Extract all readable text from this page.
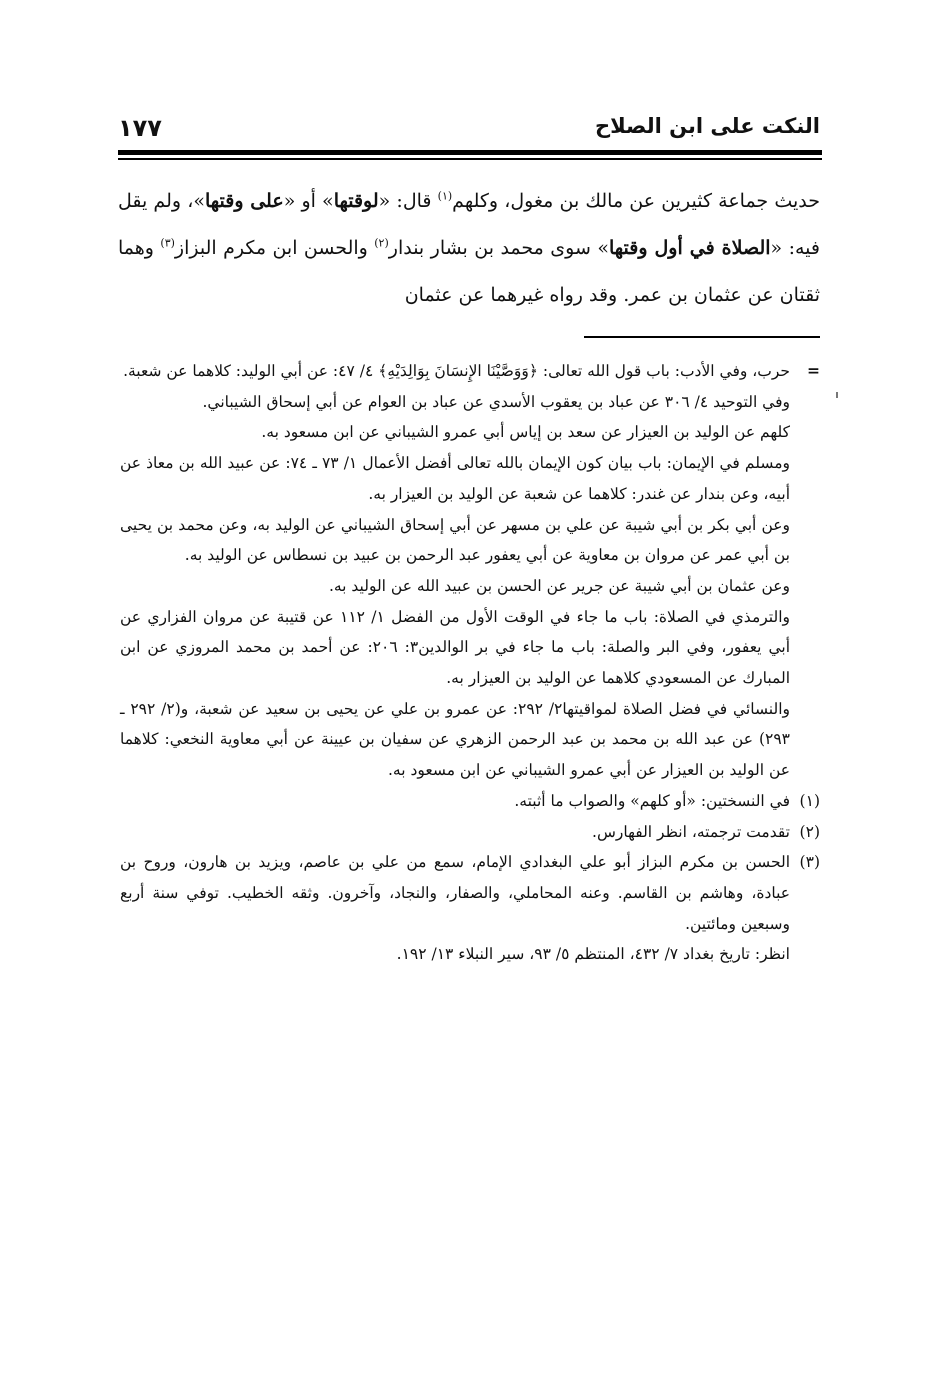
النكت على ابن الصلاح
١٧٧
حديث جماعة كثيرين عن مالك بن مغول، وكلهم$^{(١)}$ قال: «لوقتها» أو «على وقتها»، ولم يقل فيه: «الصلاة في أول وقتها» سوى محمد بن بشار بندار$^{(٢)}$ والحسن ابن مكرم البزاز$^{(٣)}$ وهما ثقتان عن عثمان بن عمر. وقد رواه غيرهما عن عثمان
=

حرب، وفي الأدب: باب قول الله تعالى: ﴿وَوَصَّيْنَا الإِنسَانَ بِوَالِدَيْهِ﴾ ٤/ ٤٧: عن أبي الوليد: كلاهما عن شعبة.

وفي التوحيد ٤/ ٣٠٦ عن عباد بن يعقوب الأسدي عن عباد بن العوام عن أبي إسحاق الشيباني.

كلهم عن الوليد بن العيزار عن سعد بن إياس أبي عمرو الشيباني عن ابن مسعود به.

ومسلم في الإيمان: باب بيان كون الإيمان بالله تعالى أفضل الأعمال ١/ ٧٣ ـ ٧٤: عن عبيد الله بن معاذ عن أبيه، وعن بندار عن غندر: كلاهما عن شعبة عن الوليد بن العيزار به.

وعن أبي بكر بن أبي شيبة عن علي بن مسهر عن أبي إسحاق الشيباني عن الوليد به، وعن محمد بن يحيى بن أبي عمر عن مروان بن معاوية عن أبي يعفور عبد الرحمن بن عبيد بن نسطاس عن الوليد به.

وعن عثمان بن أبي شيبة عن جرير عن الحسن بن عبيد الله عن الوليد به.

والترمذي في الصلاة: باب ما جاء في الوقت الأول من الفضل ١/ ١١٢ عن قتيبة عن مروان الفزاري عن أبي يعفور، وفي البر والصلة: باب ما جاء في بر الوالدين٣: ٢٠٦: عن أحمد بن محمد المروزي عن ابن المبارك عن المسعودي كلاهما عن الوليد بن العيزار به.

والنسائي في فضل الصلاة لمواقيتها٢/ ٢٩٢: عن عمرو بن علي عن يحيى بن سعيد عن شعبة، و(٢/ ٢٩٢ ـ ٢٩٣) عن عبد الله بن محمد بن عبد الرحمن الزهري عن سفيان بن عيينة عن أبي معاوية النخعي: كلاهما عن الوليد بن العيزار عن أبي عمرو الشيباني عن ابن مسعود به.

(١)
في النسختين: «أو كلهم» والصواب ما أثبته.
(٢)
تقدمت ترجمته، انظر الفهارس.
(٣)
الحسن بن مكرم البزاز أبو علي البغدادي الإمام، سمع من علي بن عاصم، ويزيد بن هارون، وروح بن عبادة، وهاشم بن القاسم. وعنه المحاملي، والصفار، والنجاد، وآخرون. وثقه الخطيب. توفي سنة أربع وسبعين ومائتين.
انظر: تاريخ بغداد ٧/ ٤٣٢، المنتظم ٥/ ٩٣، سير النبلاء ١٣/ ١٩٢.
